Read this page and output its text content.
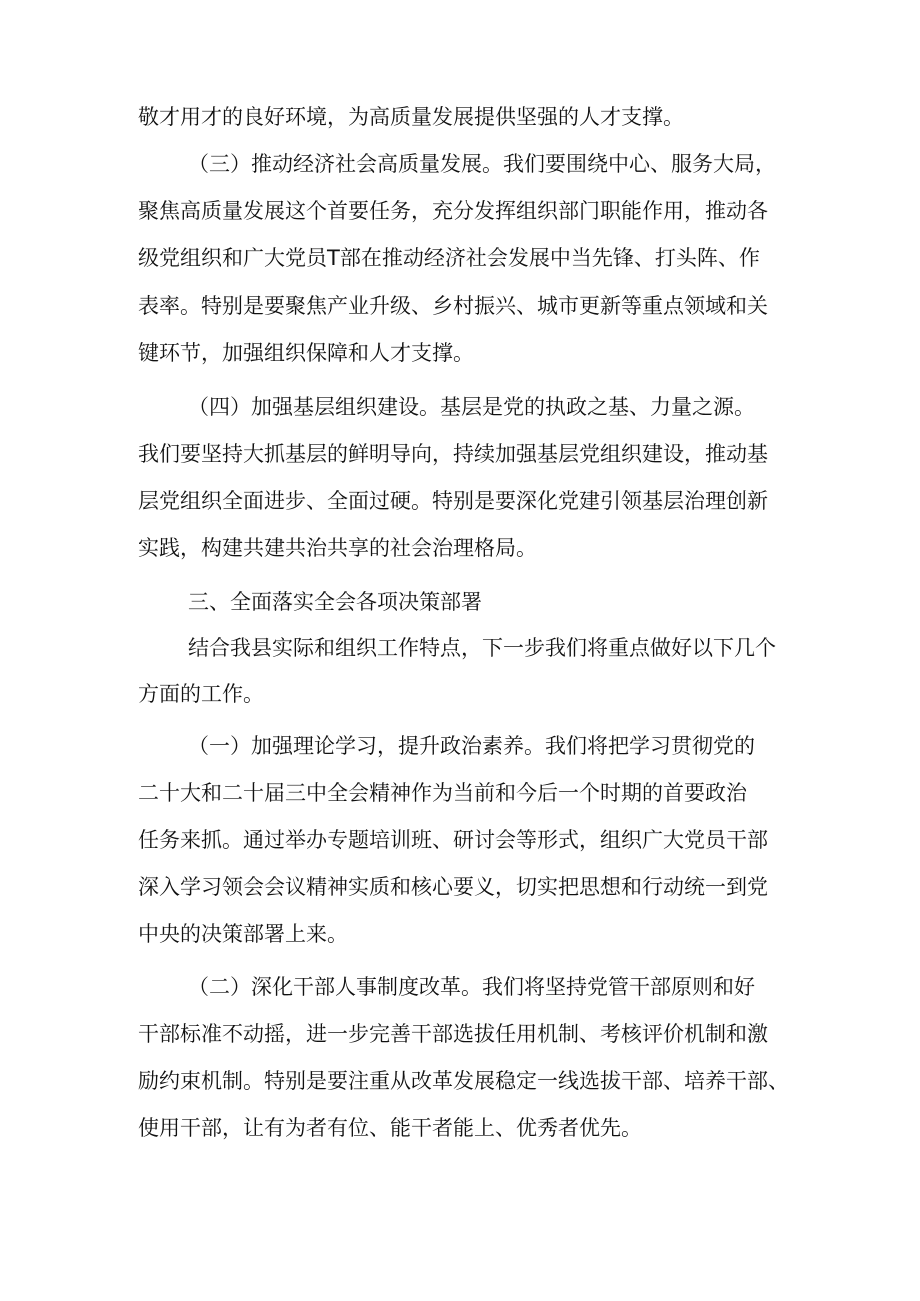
敬才用才的良好环境，为高质量发展提供坚强的人才支撑。

（三）推动经济社会高质量发展。我们要围绕中心、服务大局，

聚焦高质量发展这个首要任务，充分发挥组织部门职能作用，推动各

级党组织和广大党员T部在推动经济社会发展中当先锋、打头阵、作

表率。特别是要聚焦产业升级、乡村振兴、城市更新等重点领域和关

键环节，加强组织保障和人才支撑。

（四）加强基层组织建设。基层是党的执政之基、力量之源。

我们要坚持大抓基层的鲜明导向，持续加强基层党组织建设，推动基

层党组织全面进步、全面过硬。特别是要深化党建引领基层治理创新

实践，构建共建共治共享的社会治理格局。

三、全面落实全会各项决策部署

结合我县实际和组织工作特点，下一步我们将重点做好以下几个

方面的工作。

（一）加强理论学习，提升政治素养。我们将把学习贯彻党的

二十大和二十届三中全会精神作为当前和今后一个时期的首要政治

任务来抓。通过举办专题培训班、研讨会等形式，组织广大党员干部

深入学习领会会议精神实质和核心要义，切实把思想和行动统一到党

中央的决策部署上来。

（二）深化干部人事制度改革。我们将坚持党管干部原则和好

干部标准不动摇，进一步完善干部选拔任用机制、考核评价机制和激

励约束机制。特别是要注重从改革发展稳定一线选拔干部、培养干部、

使用干部，让有为者有位、能干者能上、优秀者优先。
